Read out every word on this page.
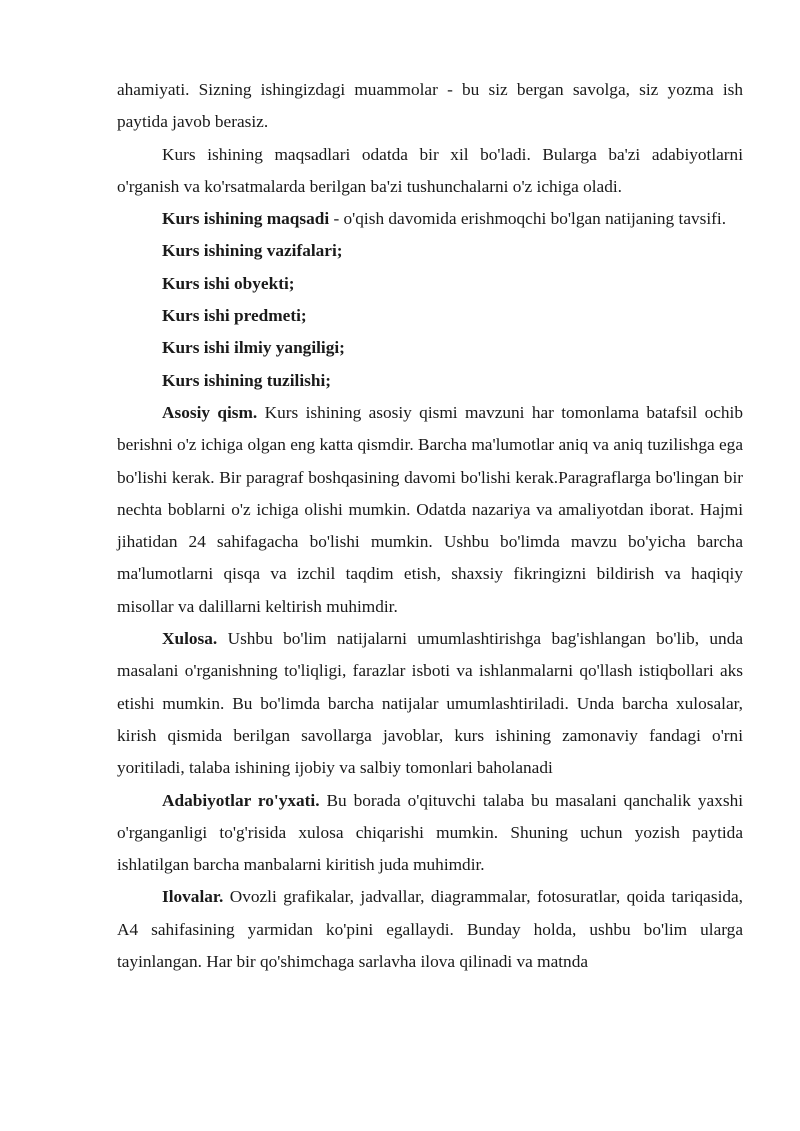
ahamiyati. Sizning ishingizdagi muammolar - bu siz bergan savolga, siz yozma ish paytida javob berasiz.

Kurs ishining maqsadlari odatda bir xil bo'ladi. Bularga ba'zi adabiyotlarni o'rganish va ko'rsatmalarda berilgan ba'zi tushunchalarni o'z ichiga oladi.

Kurs ishining maqsadi - o'qish davomida erishmoqchi bo'lgan natijaning tavsifi.

Kurs ishining vazifalari;

Kurs ishi obyekti;

Kurs ishi predmeti;

Kurs ishi ilmiy yangiligi;

Kurs ishining tuzilishi;

Asosiy qism. Kurs ishining asosiy qismi mavzuni har tomonlama batafsil ochib berishni o'z ichiga olgan eng katta qismdir. Barcha ma'lumotlar aniq va aniq tuzilishga ega bo'lishi kerak. Bir paragraf boshqasining davomi bo'lishi kerak.Paragraflarga bo'lingan bir nechta boblarni o'z ichiga olishi mumkin. Odatda nazariya va amaliyotdan iborat. Hajmi jihatidan 24 sahifagacha bo'lishi mumkin. Ushbu bo'limda mavzu bo'yicha barcha ma'lumotlarni qisqa va izchil taqdim etish, shaxsiy fikringizni bildirish va haqiqiy misollar va dalillarni keltirish muhimdir.

Xulosa. Ushbu bo'lim natijalarni umumlashtirishga bag'ishlangan bo'lib, unda masalani o'rganishning to'liqligi, farazlar isboti va ishlanmalarni qo'llash istiqbollari aks etishi mumkin. Bu bo'limda barcha natijalar umumlashtiriladi. Unda barcha xulosalar, kirish qismida berilgan savollarga javoblar, kurs ishining zamonaviy fandagi o'rni yoritiladi, talaba ishining ijobiy va salbiy tomonlari baholanadi

Adabiyotlar ro'yxati. Bu borada o'qituvchi talaba bu masalani qanchalik yaxshi o'rganganligi to'g'risida xulosa chiqarishi mumkin. Shuning uchun yozish paytida ishlatilgan barcha manbalarni kiritish juda muhimdir.

Ilovalar. Ovozli grafikalar, jadvallar, diagrammalar, fotosuratlar, qoida tariqasida, A4 sahifasining yarmidan ko'pini egallaydi. Bunday holda, ushbu bo'lim ularga tayinlangan. Har bir qo'shimchaga sarlavha ilova qilinadi va matnda
